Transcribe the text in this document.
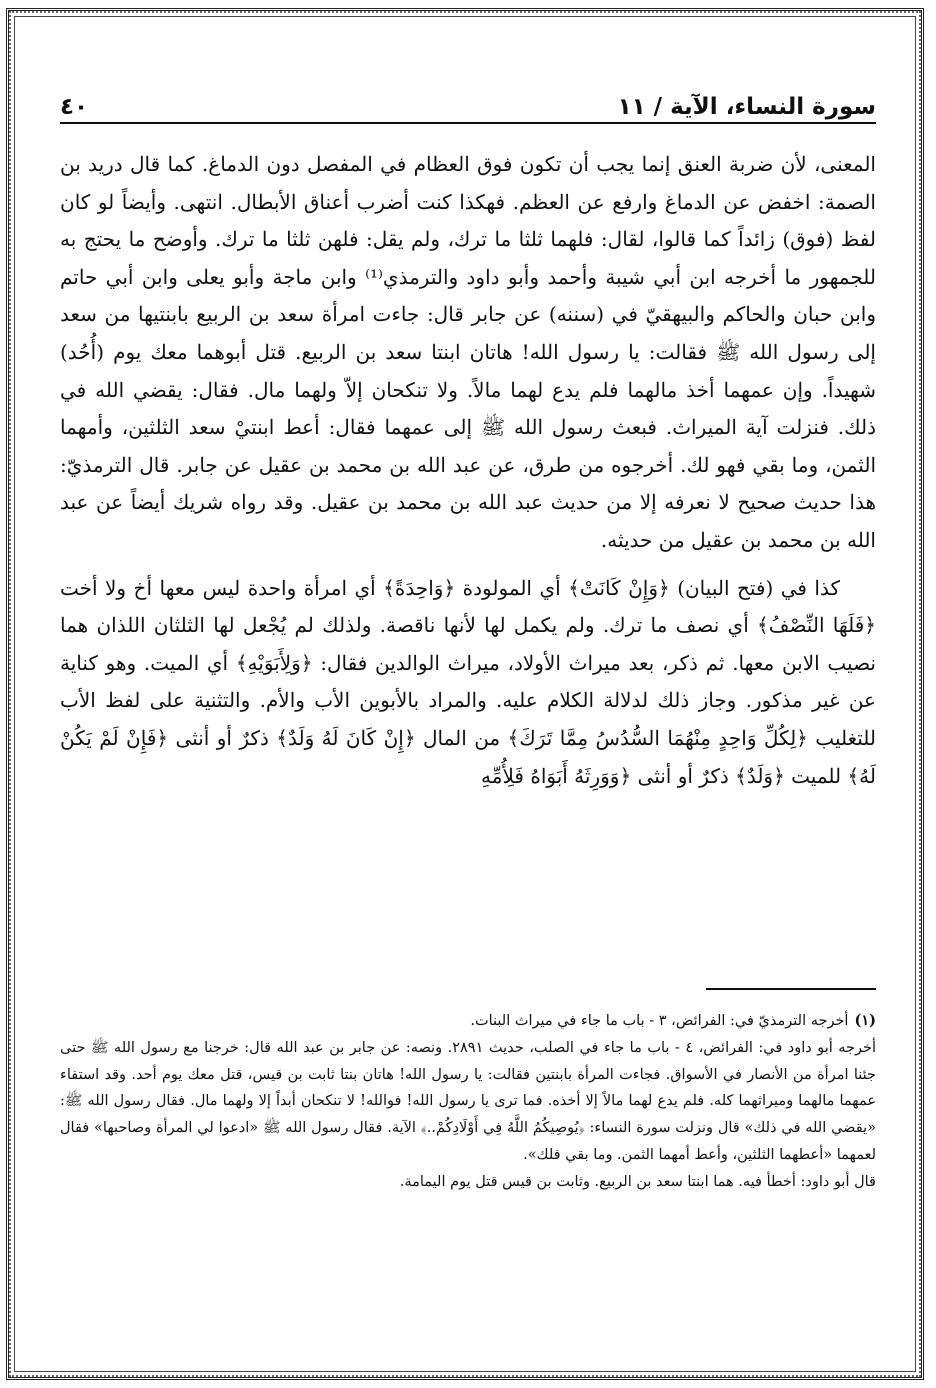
سورة النساء، الآية / ١١
٤٠

المعنى، لأن ضربة العنق إنما يجب أن تكون فوق العظام في المفصل دون الدماغ. كما قال دريد بن الصمة: اخفض عن الدماغ وارفع عن العظم. فهكذا كنت أضرب أعناق الأبطال. انتهى. وأيضاً لو كان لفظ (فوق) زائداً كما قالوا، لقال: فلهما ثلثا ما ترك، ولم يقل: فلهن ثلثا ما ترك. وأوضح ما يحتج به للجمهور ما أخرجه ابن أبي شيبة وأحمد وأبو داود والترمذي⁽¹⁾ وابن ماجة وأبو يعلى وابن أبي حاتم وابن حبان والحاكم والبيهقيّ في (سننه) عن جابر قال: جاءت امرأة سعد بن الربيع بابنتيها من سعد إلى رسول الله ﷺ فقالت: يا رسول الله! هاتان ابنتا سعد بن الربيع. قتل أبوهما معك يوم (أُحُد) شهيداً. وإن عمهما أخذ مالهما فلم يدع لهما مالاً. ولا تنكحان إلاّ ولهما مال. فقال: يقضي الله في ذلك. فنزلت آية الميراث. فبعث رسول الله ﷺ إلى عمهما فقال: أعط ابنتيْ سعد الثلثين، وأمهما الثمن، وما بقي فهو لك. أخرجوه من طرق، عن عبد الله بن محمد بن عقيل عن جابر. قال الترمذيّ: هذا حديث صحيح لا نعرفه إلا من حديث عبد الله بن محمد بن عقيل. وقد رواه شريك أيضاً عن عبد الله بن محمد بن عقيل من حديثه.

كذا في (فتح البيان) ﴿وَإِنْ كَانَتْ﴾ أي المولودة ﴿وَاحِدَةً﴾ أي امرأة واحدة ليس معها أخ ولا أخت ﴿فَلَهَا النِّصْفُ﴾ أي نصف ما ترك. ولم يكمل لها لأنها ناقصة. ولذلك لم يُجْعل لها الثلثان اللذان هما نصيب الابن معها. ثم ذكر، بعد ميراث الأولاد، ميراث الوالدين فقال: ﴿وَلِأَبَوَيْهِ﴾ أي الميت. وهو كناية عن غير مذكور. وجاز ذلك لدلالة الكلام عليه. والمراد بالأبوين الأب والأم. والتثنية على لفظ الأب للتغليب ﴿لِكُلِّ وَاحِدٍ مِنْهُمَا السُّدُسُ مِمَّا تَرَكَ﴾ من المال ﴿إِنْ كَانَ لَهُ وَلَدٌ﴾ ذكرٌ أو أنثى ﴿فَإِنْ لَمْ يَكُنْ لَهُ﴾ للميت ﴿وَلَدٌ﴾ ذكرٌ أو أنثى ﴿وَوَرِثَهُ أَبَوَاهُ فَلِأُمِّهِ

(١)أخرجه الترمذيّ في: الفرائض، ٣ - باب ما جاء في ميراث البنات.

أخرجه أبو داود في: الفرائض، ٤ - باب ما جاء في الصلب، حديث ٢٨٩١. ونصه: عن جابر بن عبد الله قال: خرجنا مع رسول الله ﷺ حتى جئنا امرأة من الأنصار في الأسواق. فجاءت المرأة بابنتين فقالت: يا رسول الله! هاتان بنتا ثابت بن قيس، قتل معك يوم أحد. وقد استفاء عمهما مالهما وميراثهما كله. فلم يدع لهما مالاً إلا أخذه. فما ترى يا رسول الله! فوالله! لا تنكحان أبداً إلا ولهما مال. فقال رسول الله ﷺ: «يقضي الله في ذلك» قال ونزلت سورة النساء: ﴿يُوصِيكُمُ اللَّهُ فِي أَوْلَادِكُمْ..﴾ الآية. فقال رسول الله ﷺ «ادعوا لي المرأة وصاحبها» فقال لعمهما «أعطهما الثلثين، وأعط أمهما الثمن. وما بقي فلك».

قال أبو داود: أخطأ فيه. هما ابنتا سعد بن الربيع. وثابت بن قيس قتل يوم اليمامة.
